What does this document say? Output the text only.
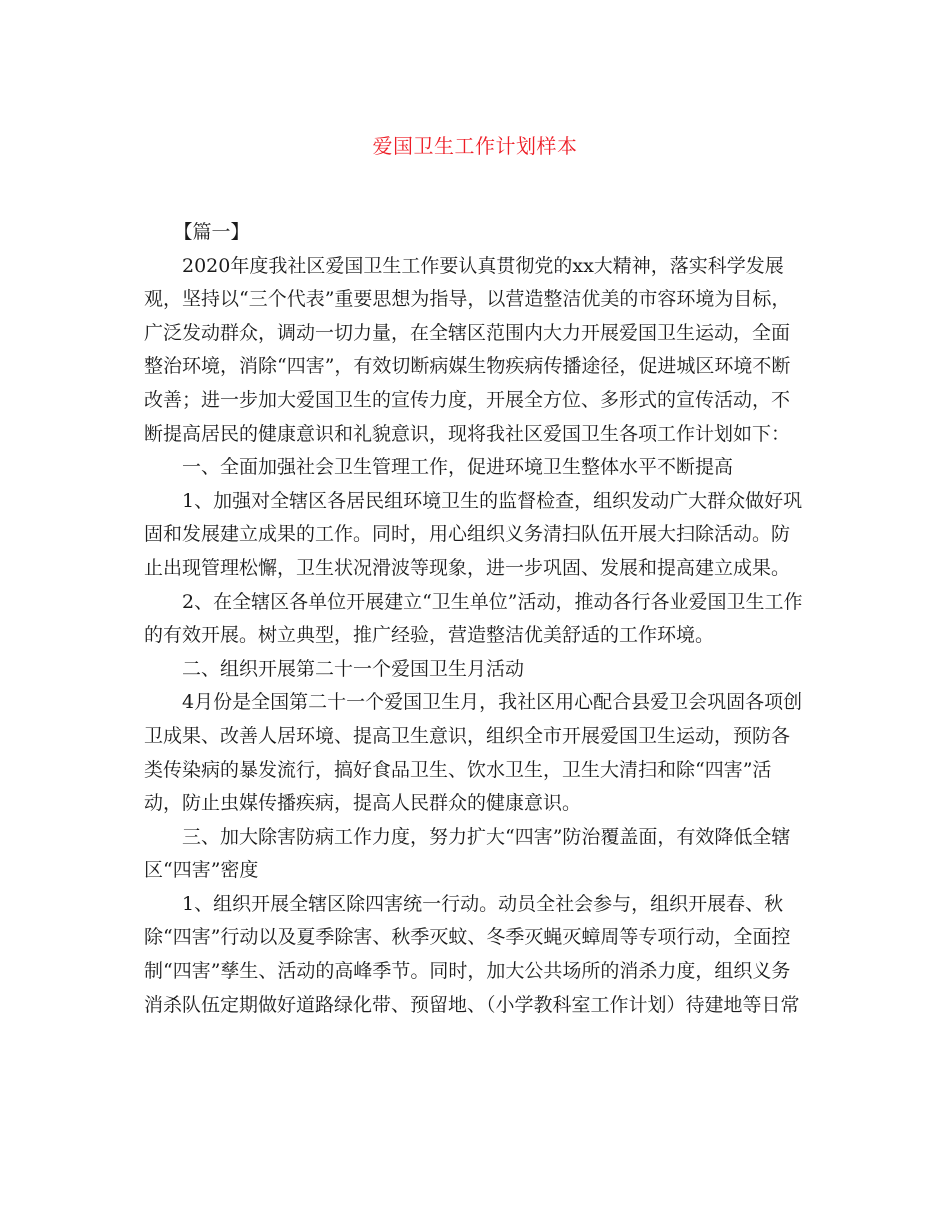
爱国卫生工作计划样本

【篇一】

2020年度我社区爱国卫生工作要认真贯彻党的xx大精神，落实科学发展观，坚持以“三个代表”重要思想为指导，以营造整洁优美的市容环境为目标，广泛发动群众，调动一切力量，在全辖区范围内大力开展爱国卫生运动，全面整治环境，消除“四害”，有效切断病媒生物疾病传播途径，促进城区环境不断改善；进一步加大爱国卫生的宣传力度，开展全方位、多形式的宣传活动，不断提高居民的健康意识和礼貌意识，现将我社区爱国卫生各项工作计划如下：

一、全面加强社会卫生管理工作，促进环境卫生整体水平不断提高

1、加强对全辖区各居民组环境卫生的监督检查，组织发动广大群众做好巩固和发展建立成果的工作。同时，用心组织义务清扫队伍开展大扫除活动。防止出现管理松懈，卫生状况滑波等现象，进一步巩固、发展和提高建立成果。

2、在全辖区各单位开展建立“卫生单位”活动，推动各行各业爱国卫生工作的有效开展。树立典型，推广经验，营造整洁优美舒适的工作环境。

二、组织开展第二十一个爱国卫生月活动

4月份是全国第二十一个爱国卫生月，我社区用心配合县爱卫会巩固各项创卫成果、改善人居环境、提高卫生意识，组织全市开展爱国卫生运动，预防各类传染病的暴发流行，搞好食品卫生、饮水卫生，卫生大清扫和除“四害”活动，防止虫媒传播疾病，提高人民群众的健康意识。

三、加大除害防病工作力度，努力扩大“四害”防治覆盖面，有效降低全辖区“四害”密度

1、组织开展全辖区除四害统一行动。动员全社会参与，组织开展春、秋除“四害”行动以及夏季除害、秋季灭蚊、冬季灭蝇灭蟑周等专项行动，全面控制“四害”孳生、活动的高峰季节。同时，加大公共场所的消杀力度，组织义务消杀队伍定期做好道路绿化带、预留地、（小学教科室工作计划）待建地等日常
